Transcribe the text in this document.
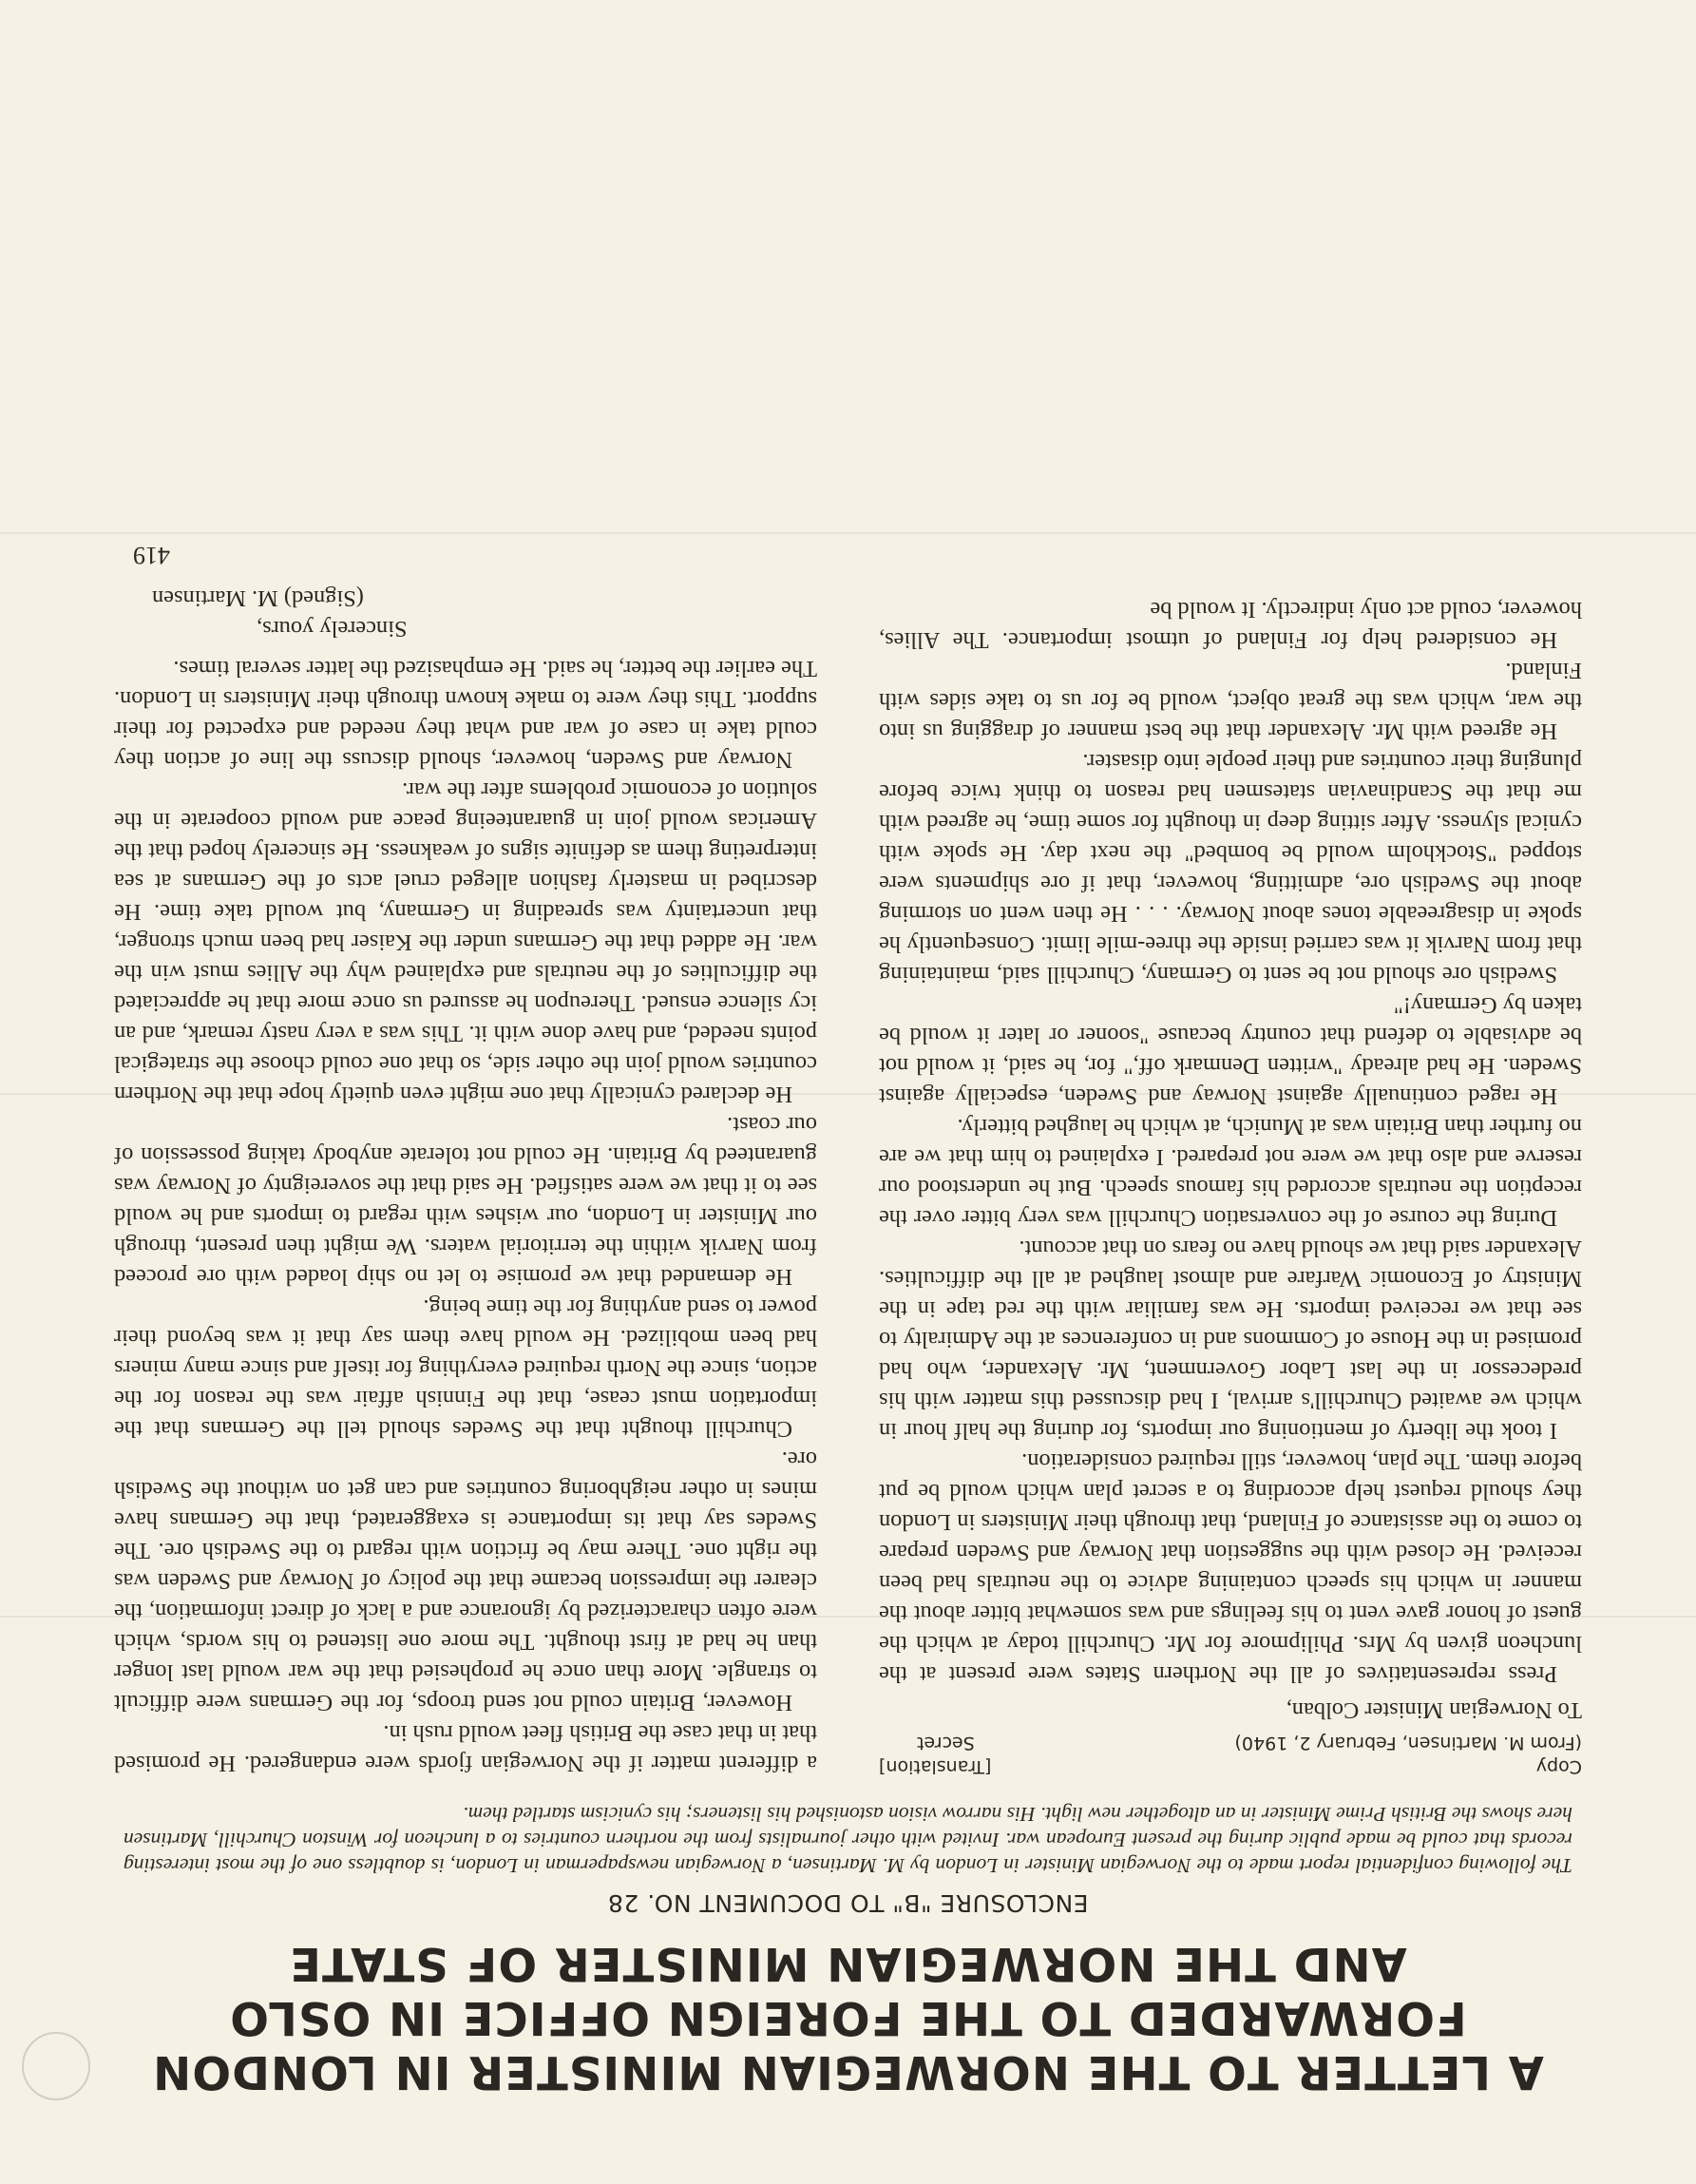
A LETTER TO THE NORWEGIAN MINISTER IN LONDON
FORWARDED TO THE FOREIGN OFFICE IN OSLO
AND THE NORWEGIAN MINISTER OF STATE
ENCLOSURE "B" TO DOCUMENT NO. 28

The following confidential report made to the Norwegian Minister in London by M. Martinsen, a Norwegian newspaperman in London, is doubtless one of the most interesting records that could be made public during the present European war. Invited with other journalists from the northern countries to a luncheon for Winston Churchill, Martinsen here shows the British Prime Minister in an altogether new light. His narrow vision astonished his listeners; his cynicism startled them.

Copy
[Translation]
(From M. Martinsen, February 2, 1940)
Secret
To Norwegian Minister Colban,

Press representatives of all the Northern States were present at the luncheon given by Mrs. Philipmore for Mr. Churchill today at which the guest of honor gave vent to his feelings and was somewhat bitter about the manner in which his speech containing advice to the neutrals had been received. He closed with the suggestion that Norway and Sweden prepare to come to the assistance of Finland, that through their Ministers in London they should request help according to a secret plan which would be put before them. The plan, however, still required consideration.

I took the liberty of mentioning our imports, for during the half hour in which we awaited Churchill's arrival, I had discussed this matter with his predecessor in the last Labor Government, Mr. Alexander, who had promised in the House of Commons and in conferences at the Admiralty to see that we received imports. He was familiar with the red tape in the Ministry of Economic Warfare and almost laughed at all the difficulties. Alexander said that we should have no fears on that account.

During the course of the conversation Churchill was very bitter over the reception the neutrals accorded his famous speech. But he understood our reserve and also that we were not prepared. I explained to him that we are no further than Britain was at Munich, at which he laughed bitterly.

He raged continually against Norway and Sweden, especially against Sweden. He had already "written Denmark off," for, he said, it would not be advisable to defend that country because "sooner or later it would be taken by Germany!"

Swedish ore should not be sent to Germany, Churchill said, maintaining that from Narvik it was carried inside the three-mile limit. Consequently he spoke in disagreeable tones about Norway. . . . He then went on storming about the Swedish ore, admitting, however, that if ore shipments were stopped "Stockholm would be bombed" the next day. He spoke with cynical slyness. After sitting deep in thought for some time, he agreed with me that the Scandinavian statesmen had reason to think twice before plunging their countries and their people into disaster.

He agreed with Mr. Alexander that the best manner of dragging us into the war, which was the great object, would be for us to take sides with Finland.

He considered help for Finland of utmost importance. The Allies, however, could act only indirectly. It would be

a different matter if the Norwegian fjords were endangered. He promised that in that case the British fleet would rush in.

However, Britain could not send troops, for the Germans were difficult to strangle. More than once he prophesied that the war would last longer than he had at first thought. The more one listened to his words, which were often characterized by ignorance and a lack of direct information, the clearer the impression became that the policy of Norway and Sweden was the right one. There may be friction with regard to the Swedish ore. The Swedes say that its importance is exaggerated, that the Germans have mines in other neighboring countries and can get on without the Swedish ore.

Churchill thought that the Swedes should tell the Germans that the importation must cease, that the Finnish affair was the reason for the action, since the North required everything for itself and since many miners had been mobilized. He would have them say that it was beyond their power to send anything for the time being.

He demanded that we promise to let no ship loaded with ore proceed from Narvik within the territorial waters. We might then present, through our Minister in London, our wishes with regard to imports and he would see to it that we were satisfied. He said that the sovereignty of Norway was guaranteed by Britain. He could not tolerate anybody taking possession of our coast.

He declared cynically that one might even quietly hope that the Northern countries would join the other side, so that one could choose the strategical points needed, and have done with it. This was a very nasty remark, and an icy silence ensued. Thereupon he assured us once more that he appreciated the difficulties of the neutrals and explained why the Allies must win the war. He added that the Germans under the Kaiser had been much stronger, that uncertainty was spreading in Germany, but would take time. He described in masterly fashion alleged cruel acts of the Germans at sea interpreting them as definite signs of weakness. He sincerely hoped that the Americas would join in guaranteeing peace and would cooperate in the solution of economic problems after the war.

Norway and Sweden, however, should discuss the line of action they could take in case of war and what they needed and expected for their support. This they were to make known through their Ministers in London. The earlier the better, he said. He emphasized the latter several times.

Sincerely yours,
(Signed) M. Martinsen
419
